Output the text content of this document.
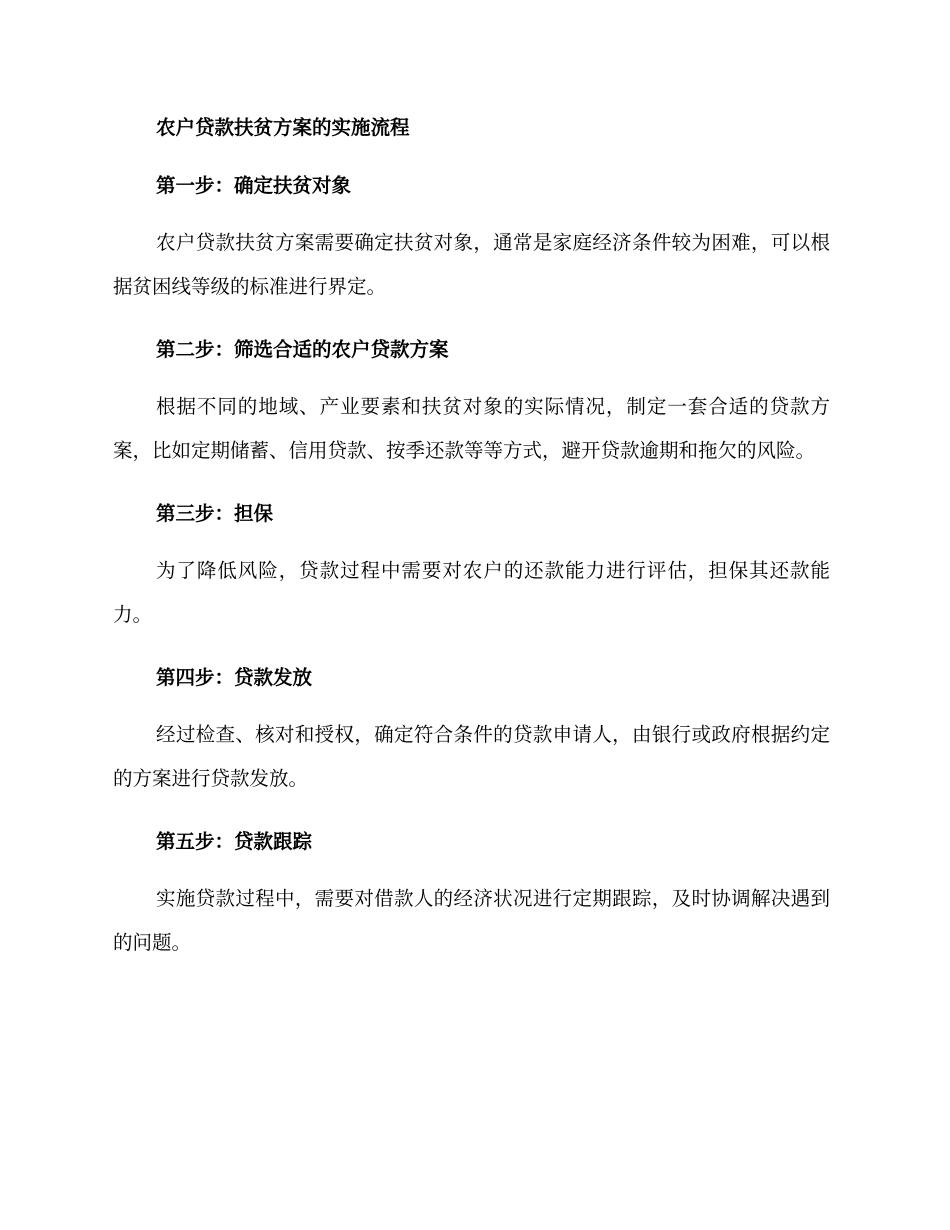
农户贷款扶贫方案的实施流程
第一步：确定扶贫对象

农户贷款扶贫方案需要确定扶贫对象，通常是家庭经济条件较为困难，可以根据贫困线等级的标准进行界定。

第二步：筛选合适的农户贷款方案

根据不同的地域、产业要素和扶贫对象的实际情况，制定一套合适的贷款方案，比如定期储蓄、信用贷款、按季还款等等方式，避开贷款逾期和拖欠的风险。

第三步：担保

为了降低风险，贷款过程中需要对农户的还款能力进行评估，担保其还款能力。

第四步：贷款发放

经过检查、核对和授权，确定符合条件的贷款申请人，由银行或政府根据约定的方案进行贷款发放。

第五步：贷款跟踪

实施贷款过程中，需要对借款人的经济状况进行定期跟踪，及时协调解决遇到的问题。
